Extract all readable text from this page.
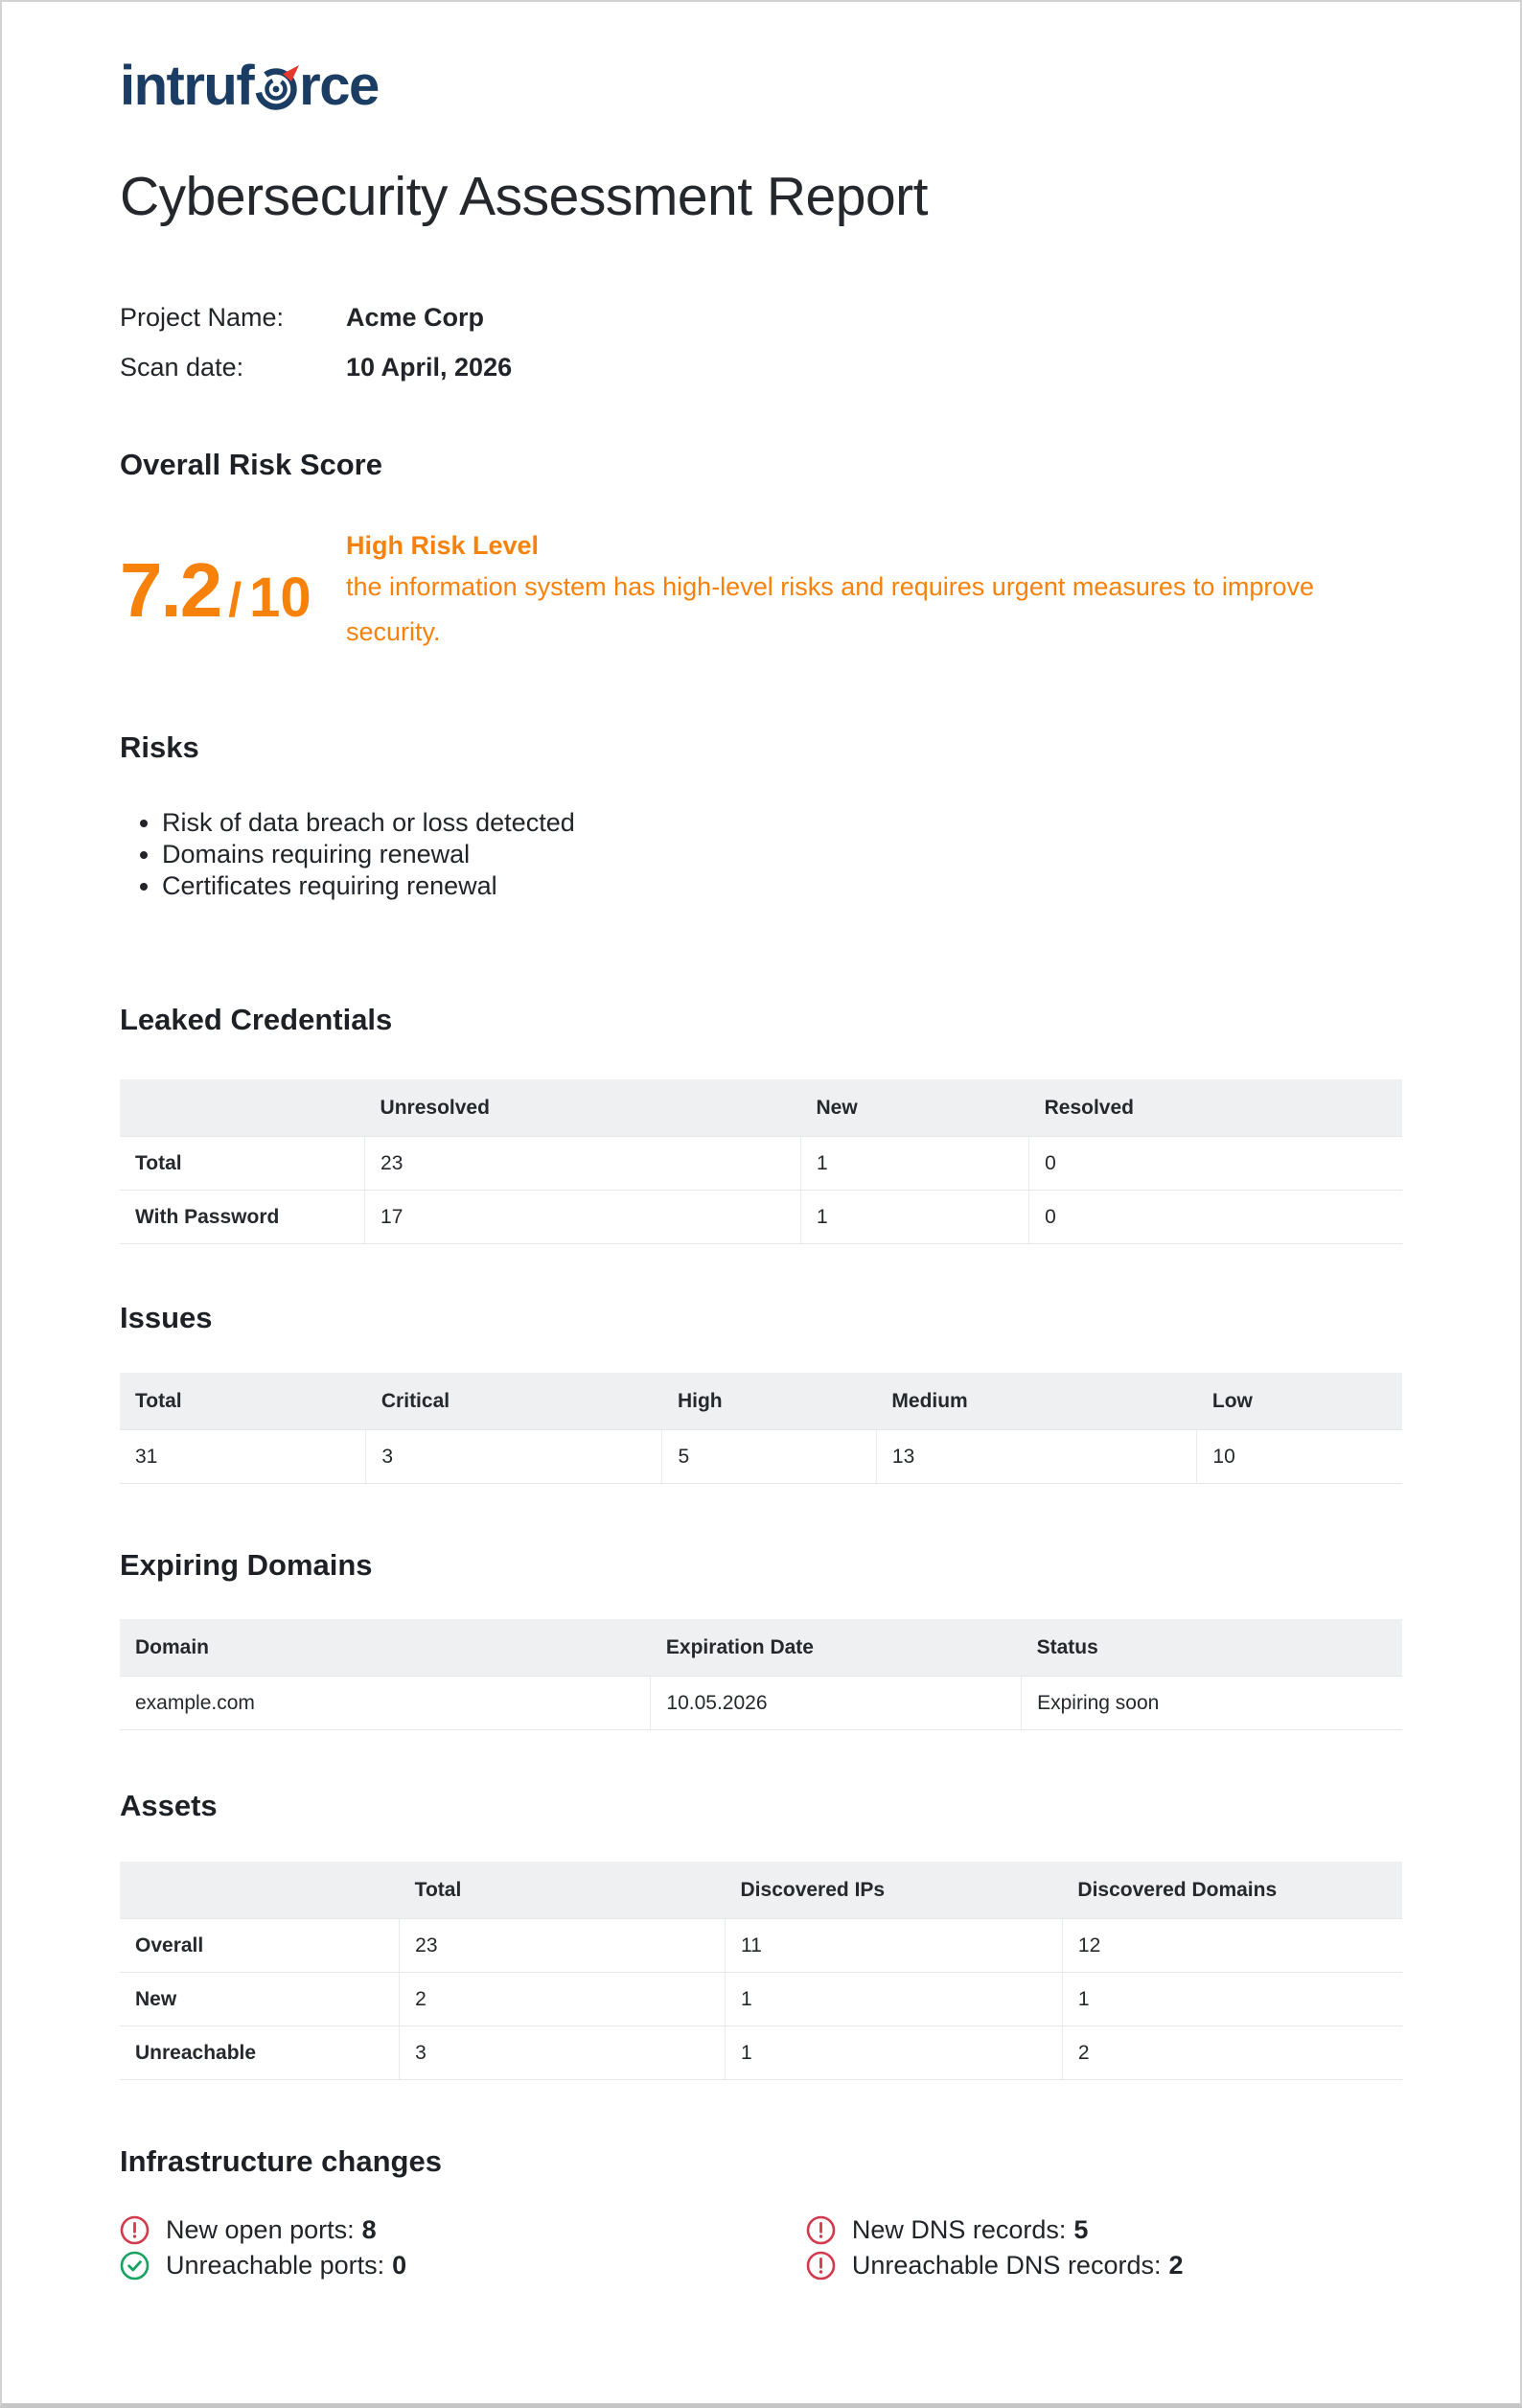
intruf rce
Cybersecurity Assessment Report
Project Name:	Acme Corp
Scan date:	10 April, 2026
Overall Risk Score
7.2 / 10
High Risk Level
the information system has high-level risks and requires urgent measures to improve security.
Risks
• Risk of data breach or loss detected
• Domains requiring renewal
• Certificates requiring renewal
Leaked Credentials
	Unresolved	New	Resolved
Total	23	1	0
With Password	17	1	0
Issues
Total	Critical	High	Medium	Low
31	3	5	13	10
Expiring Domains
Domain	Expiration Date	Status
example.com	10.05.2026	Expiring soon
Assets
	Total	Discovered IPs	Discovered Domains
Overall	23	11	12
New	2	1	1
Unreachable	3	1	2
Infrastructure changes
New open ports: 8
Unreachable ports: 0
New DNS records: 5
Unreachable DNS records: 2
